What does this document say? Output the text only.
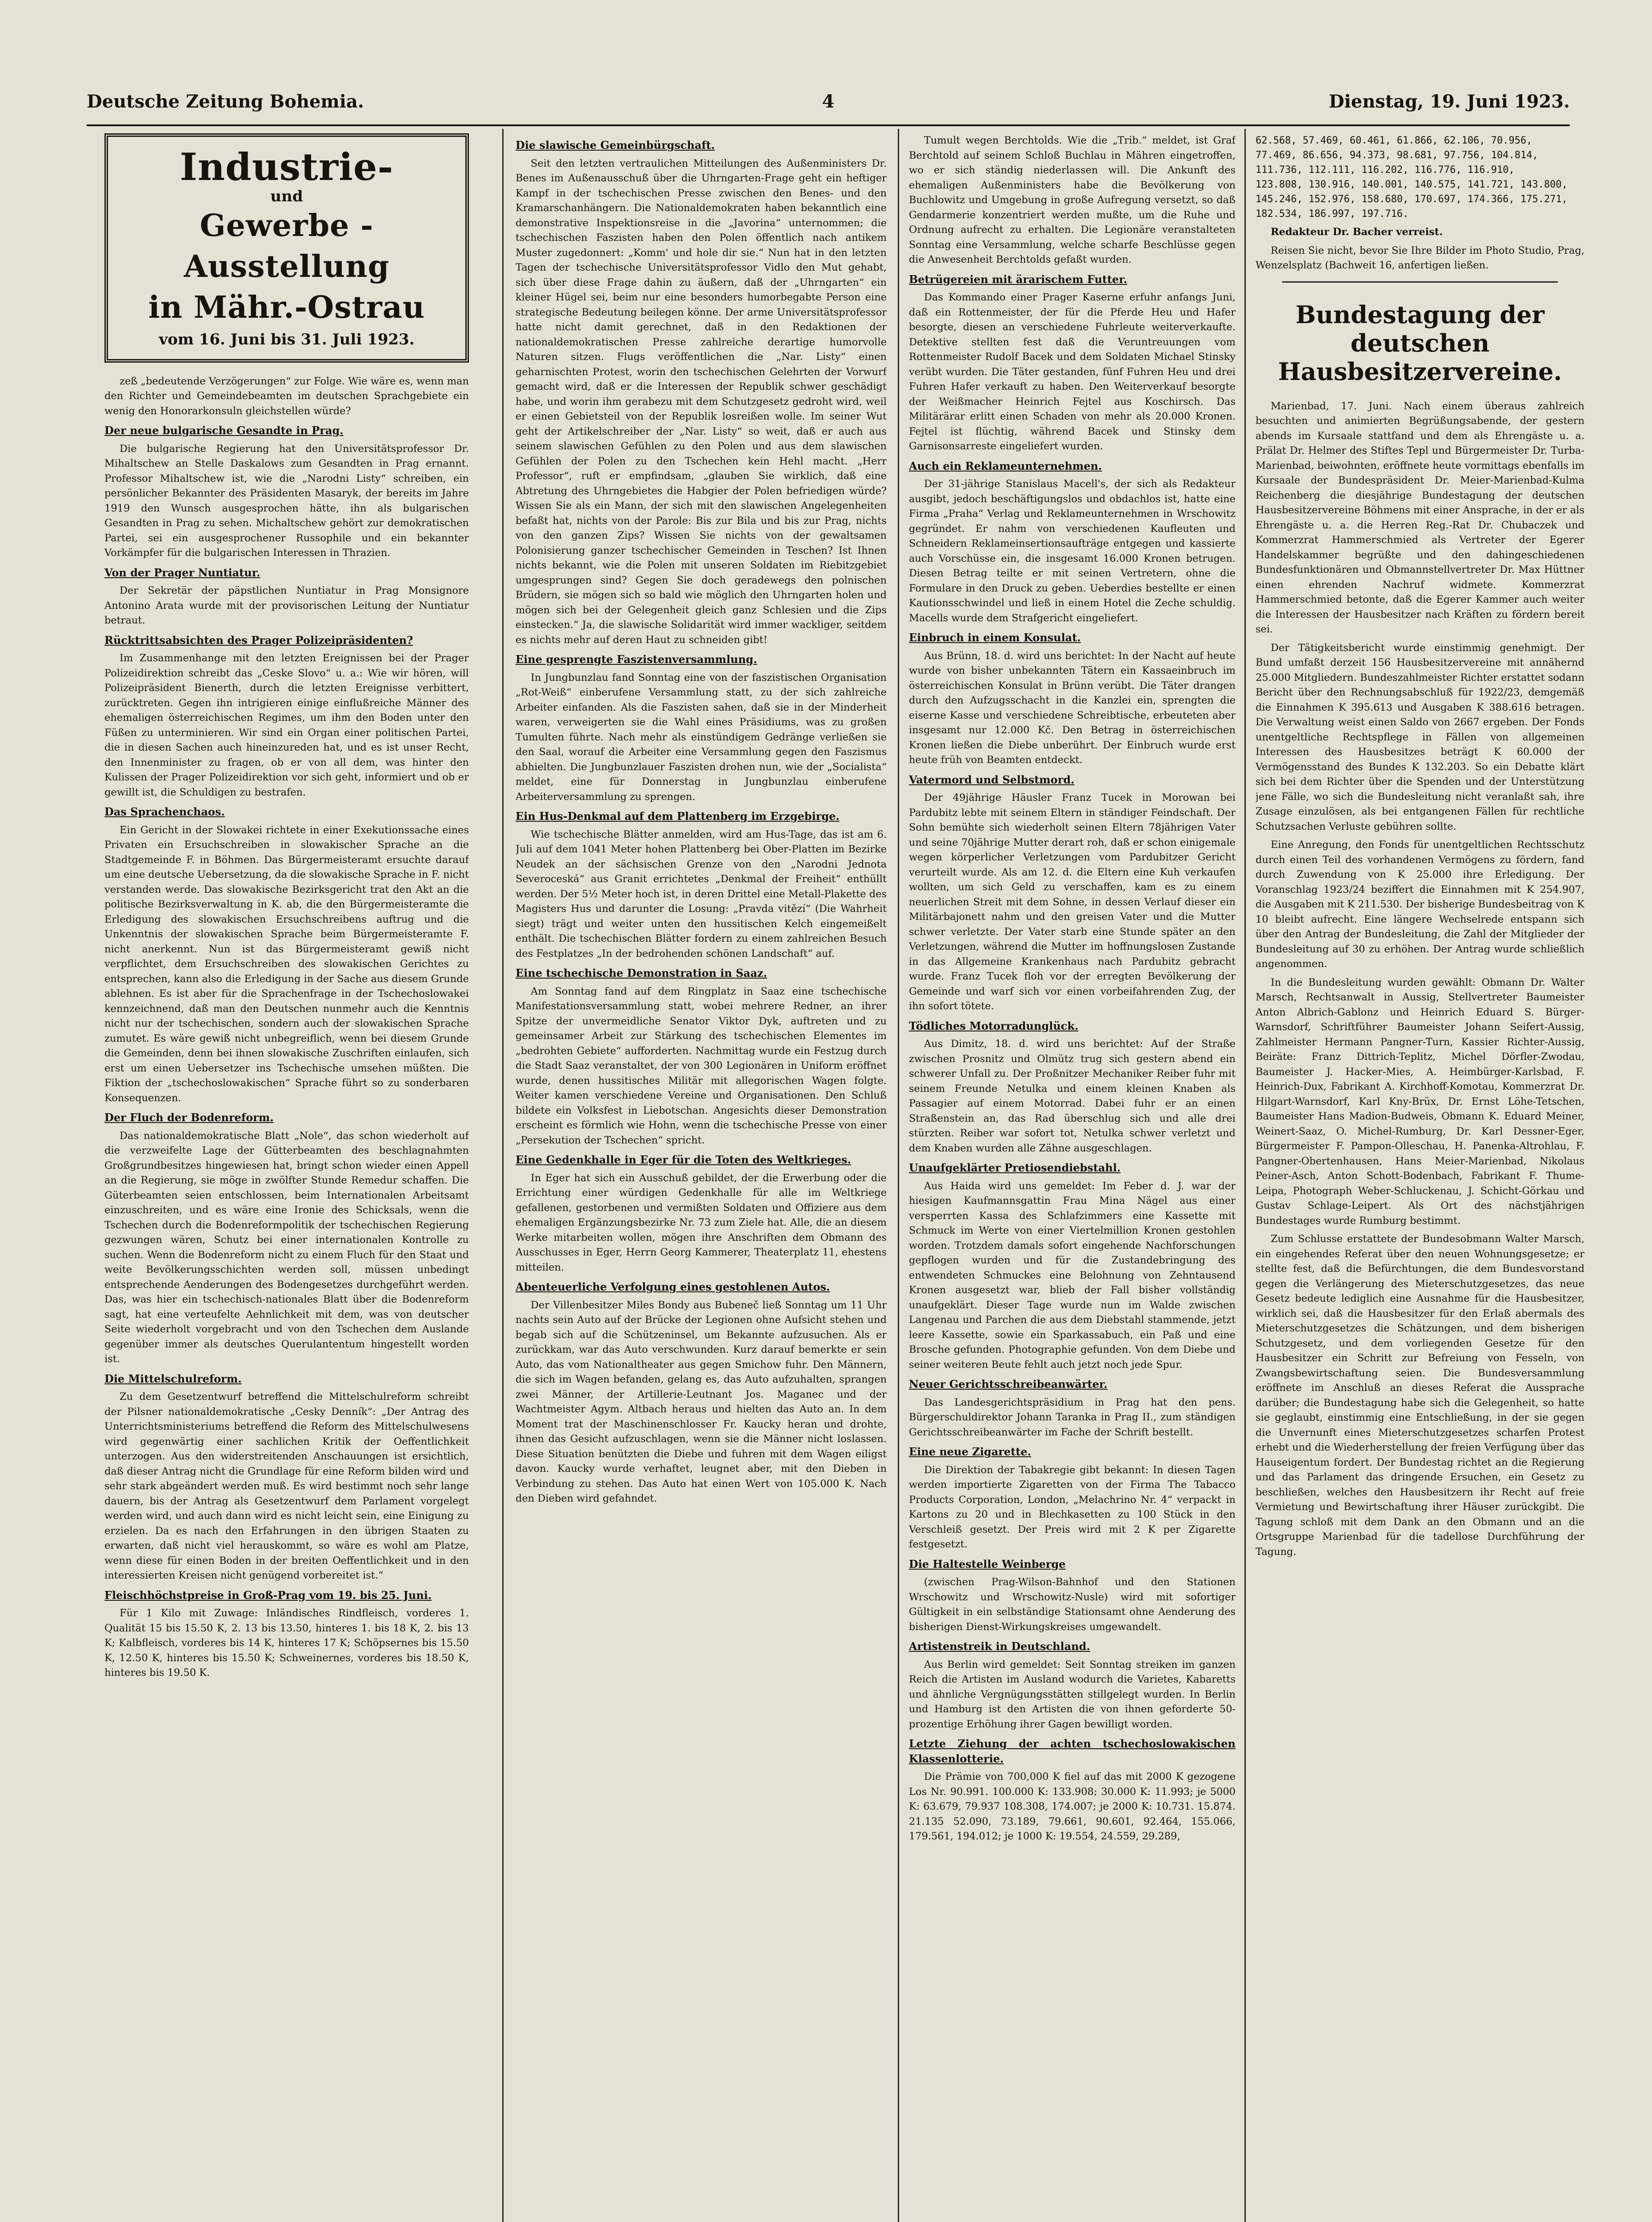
Deutsche Zeitung Bohemia.	4	Dienstag, 19. Juni 1923.
Industrie-
und
Gewerbe - Ausstellung
in Mähr.-Ostrau
vom 16. Juni bis 31. Juli 1923.

zeß „bedeutende Verzögerungen“ zur Folge. Wie wäre es, wenn man den Richter und Gemeindebeamten im deutschen Sprachgebiete ein wenig den Honorarkonsuln gleichstellen würde?

Der neue bulgarische Gesandte in Prag.

Die bulgarische Regierung hat den Universitätsprofessor Dr. Mihaltschew an Stelle Daskalows zum Gesandten in Prag ernannt. Professor Mihaltschew ist, wie die „Narodni Listy“ schreiben, ein persönlicher Bekannter des Präsidenten Masaryk, der bereits im Jahre 1919 den Wunsch ausgesprochen hätte, ihn als bulgarischen Gesandten in Prag zu sehen. Michaltschew gehört zur demokratischen Partei, sei ein ausgesprochener Russophile und ein bekannter Vorkämpfer für die bulgarischen Interessen in Thrazien.

Von der Prager Nuntiatur.

Der Sekretär der päpstlichen Nuntiatur in Prag Monsignore Antonino Arata wurde mit der provisorischen Leitung der Nuntiatur betraut.

Rücktrittsabsichten des Prager Polizeipräsidenten?

Im Zusammenhange mit den letzten Ereignissen bei der Prager Polizeidirektion schreibt das „Ceske Slovo“ u. a.: Wie wir hören, will Polizeipräsident Bienerth, durch die letzten Ereignisse verbittert, zurücktreten. Gegen ihn intrigieren einige einflußreiche Männer des ehemaligen österreichischen Regimes, um ihm den Boden unter den Füßen zu unterminieren. Wir sind ein Organ einer politischen Partei, die in diesen Sachen auch hineinzureden hat, und es ist unser Recht, den Innenminister zu fragen, ob er von all dem, was hinter den Kulissen der Prager Polizeidirektion vor sich geht, informiert und ob er gewillt ist, die Schuldigen zu bestrafen.

Das Sprachenchaos.

Ein Gericht in der Slowakei richtete in einer Exekutionssache eines Privaten ein Ersuchschreiben in slowakischer Sprache an die Stadtgemeinde F. in Böhmen. Das Bürgermeisteramt ersuchte darauf um eine deutsche Uebersetzung, da die slowakische Sprache in F. nicht verstanden werde. Das slowakische Bezirksgericht trat den Akt an die politische Bezirksverwaltung in K. ab, die den Bürgermeisteramte die Erledigung des slowakischen Ersuchschreibens auftrug und die Unkenntnis der slowakischen Sprache beim Bürgermeisteramte F. nicht anerkennt. Nun ist das Bürgermeisteramt gewiß nicht verpflichtet, dem Ersuchschreiben des slowakischen Gerichtes zu entsprechen, kann also die Erledigung in der Sache aus diesem Grunde ablehnen. Es ist aber für die Sprachenfrage in der Tschechoslowakei kennzeichnend, daß man den Deutschen nunmehr auch die Kenntnis nicht nur der tschechischen, sondern auch der slowakischen Sprache zumutet. Es wäre gewiß nicht unbegreiflich, wenn bei diesem Grunde die Gemeinden, denn bei ihnen slowakische Zuschriften einlaufen, sich erst um einen Uebersetzer ins Tschechische umsehen müßten. Die Fiktion der „tschechoslowakischen“ Sprache führt so zu sonderbaren Konsequenzen.

Der Fluch der Bodenreform.

Das nationaldemokratische Blatt „Nole“, das schon wiederholt auf die verzweifelte Lage der Gütterbeamten des beschlagnahmten Großgrundbesitzes hingewiesen hat, bringt schon wieder einen Appell an die Regierung, sie möge in zwölfter Stunde Remedur schaffen. Die Güterbeamten seien entschlossen, beim Internationalen Arbeitsamt einzuschreiten, und es wäre eine Ironie des Schicksals, wenn die Tschechen durch die Bodenreformpolitik der tschechischen Regierung gezwungen wären, Schutz bei einer internationalen Kontrolle zu suchen. Wenn die Bodenreform nicht zu einem Fluch für den Staat und weite Bevölkerungsschichten werden soll, müssen unbedingt entsprechende Aenderungen des Bodengesetzes durchgeführt werden. Das, was hier ein tschechisch-nationales Blatt über die Bodenreform sagt, hat eine verteufelte Aehnlichkeit mit dem, was von deutscher Seite wiederholt vorgebracht und von den Tschechen dem Auslande gegenüber immer als deutsches Querulantentum hingestellt worden ist.

Die Mittelschulreform.

Zu dem Gesetzentwurf betreffend die Mittelschulreform schreibt der Pilsner nationaldemokratische „Cesky Denník“: „Der Antrag des Unterrichtsministeriums betreffend die Reform des Mittelschulwesens wird gegenwärtig einer sachlichen Kritik der Oeffentlichkeit unterzogen. Aus den widerstreitenden Anschauungen ist ersichtlich, daß dieser Antrag nicht die Grundlage für eine Reform bilden wird und sehr stark abgeändert werden muß. Es wird bestimmt noch sehr lange dauern, bis der Antrag als Gesetzentwurf dem Parlament vorgelegt werden wird, und auch dann wird es nicht leicht sein, eine Einigung zu erzielen. Da es nach den Erfahrungen in den übrigen Staaten zu erwarten, daß nicht viel herauskommt, so wäre es wohl am Platze, wenn diese für einen Boden in der breiten Oeffentlichkeit und in den interessierten Kreisen nicht genügend vorbereitet ist.“

Fleischhöchstpreise in Groß-Prag vom 19. bis 25. Juni.

Für 1 Kilo mit Zuwage: Inländisches Rindfleisch, vorderes 1. Qualität 15 bis 15.50 K, 2. 13 bis 13.50, hinteres 1. bis 18 K, 2. bis 13 K; Kalbfleisch, vorderes bis 14 K, hinteres 17 K; Schöpsernes bis 15.50 K, 12.50 K, hinteres bis 15.50 K; Schweinernes, vorderes bis 18.50 K, hinteres bis 19.50 K.

Die slawische Gemeinbürgschaft.

Seit den letzten vertraulichen Mitteilungen des Außenministers Dr. Benes im Außenausschuß über die Uhrngarten-Frage geht ein heftiger Kampf in der tschechischen Presse zwischen den Benes- und den Kramarschanhängern. Die Nationaldemokraten haben bekanntlich eine demonstrative Inspektionsreise in die „Javorina“ unternommen; die tschechischen Faszisten haben den Polen öffentlich nach antikem Muster zugedonnert: „Komm' und hole dir sie.“ Nun hat in den letzten Tagen der tschechische Universitätsprofessor Vidlo den Mut gehabt, sich über diese Frage dahin zu äußern, daß der „Uhrngarten“ ein kleiner Hügel sei, beim nur eine besonders humorbegabte Person eine strategische Bedeutung beilegen könne. Der arme Universitätsprofessor hatte nicht damit gerechnet, daß in den Redaktionen der nationaldemokratischen Presse zahlreiche derartige humorvolle Naturen sitzen. Flugs veröffentlichen die „Nar. Listy“ einen geharnischten Protest, worin den tschechischen Gelehrten der Vorwurf gemacht wird, daß er die Interessen der Republik schwer geschädigt habe, und worin ihm gerabezu mit dem Schutzgesetz gedroht wird, weil er einen Gebietsteil von der Republik losreißen wolle. Im seiner Wut geht der Artikelschreiber der „Nar. Listy“ so weit, daß er auch aus seinem slawischen Gefühlen zu den Polen und aus dem slawischen Gefühlen der Polen zu den Tschechen kein Hehl macht. „Herr Professor“, ruft er empfindsam, „glauben Sie wirklich, daß eine Abtretung des Uhrngebietes die Habgier der Polen befriedigen würde? Wissen Sie als ein Mann, der sich mit den slawischen Angelegenheiten befaßt hat, nichts von der Parole: Bis zur Bila und bis zur Prag, nichts von den ganzen Zips? Wissen Sie nichts von der gewaltsamen Polonisierung ganzer tschechischer Gemeinden in Teschen? Ist Ihnen nichts bekannt, wie die Polen mit unseren Soldaten im Riebitzgebiet umgesprungen sind? Gegen Sie doch geradewegs den polnischen Brüdern, sie mögen sich so bald wie möglich den Uhrngarten holen und mögen sich bei der Gelegenheit gleich ganz Schlesien und die Zips einstecken.“ Ja, die slawische Solidarität wird immer wackliger, seitdem es nichts mehr auf deren Haut zu schneiden gibt!

Eine gesprengte Faszistenversammlung.

In Jungbunzlau fand Sonntag eine von der faszistischen Organisation „Rot-Weiß“ einberufene Versammlung statt, zu der sich zahlreiche Arbeiter einfanden. Als die Faszisten sahen, daß sie in der Minderheit waren, verweigerten sie die Wahl eines Präsidiums, was zu großen Tumulten führte. Nach mehr als einstündigem Gedränge verließen sie den Saal, worauf die Arbeiter eine Versammlung gegen den Faszismus abhielten. Die Jungbunzlauer Faszisten drohen nun, wie der „Socialista“ meldet, eine für Donnerstag in Jungbunzlau einberufene Arbeiterversammlung zu sprengen.

Ein Hus-Denkmal auf dem Plattenberg im Erzgebirge.

Wie tschechische Blätter anmelden, wird am Hus-Tage, das ist am 6. Juli auf dem 1041 Meter hohen Plattenberg bei Ober-Platten im Bezirke Neudek an der sächsischen Grenze von den „Narodni Jednota Severoceská“ aus Granit errichtetes „Denkmal der Freiheit“ enthüllt werden. Der 5½ Meter hoch ist, in deren Drittel eine Metall-Plakette des Magisters Hus und darunter die Losung: „Pravda vitězí“ (Die Wahrheit siegt) trägt und weiter unten den hussitischen Kelch eingemeißelt enthält. Die tschechischen Blätter fordern zu einem zahlreichen Besuch des Festplatzes „In der bedrohenden schönen Landschaft“ auf.

Eine tschechische Demonstration in Saaz.

Am Sonntag fand auf dem Ringplatz in Saaz eine tschechische Manifestationsversammlung statt, wobei mehrere Redner, an ihrer Spitze der unvermeidliche Senator Viktor Dyk, auftreten und zu gemeinsamer Arbeit zur Stärkung des tschechischen Elementes im „bedrohten Gebiete“ aufforderten. Nachmittag wurde ein Festzug durch die Stadt Saaz veranstaltet, der von 300 Legionären in Uniform eröffnet wurde, denen hussitisches Militär mit allegorischen Wagen folgte. Weiter kamen verschiedene Vereine und Organisationen. Den Schluß bildete ein Volksfest in Liebotschan. Angesichts dieser Demonstration erscheint es förmlich wie Hohn, wenn die tschechische Presse von einer „Persekution der Tschechen“ spricht.

Eine Gedenkhalle in Eger für die Toten des Weltkrieges.

In Eger hat sich ein Ausschuß gebildet, der die Erwerbung oder die Errichtung einer würdigen Gedenkhalle für alle im Weltkriege gefallenen, gestorbenen und vermißten Soldaten und Offiziere aus dem ehemaligen Ergänzungsbezirke Nr. 73 zum Ziele hat. Alle, die an diesem Werke mitarbeiten wollen, mögen ihre Anschriften dem Obmann des Ausschusses in Eger, Herrn Georg Kammerer, Theaterplatz 11, ehestens mitteilen.

Abenteuerliche Verfolgung eines gestohlenen Autos.

Der Villenbesitzer Miles Bondy aus Bubeneč ließ Sonntag um 11 Uhr nachts sein Auto auf der Brücke der Legionen ohne Aufsicht stehen und begab sich auf die Schützeninsel, um Bekannte aufzusuchen. Als er zurückkam, war das Auto verschwunden. Kurz darauf bemerkte er sein Auto, das vom Nationaltheater aus gegen Smichow fuhr. Den Männern, die sich im Wagen befanden, gelang es, das Auto aufzuhalten, sprangen zwei Männer, der Artillerie-Leutnant Jos. Maganec und der Wachtmeister Agym. Altbach heraus und hielten das Auto an. In dem Moment trat der Maschinenschlosser Fr. Kaucky heran und drohte, ihnen das Gesicht aufzuschlagen, wenn sie die Männer nicht loslassen. Diese Situation benützten die Diebe und fuhren mit dem Wagen eiligst davon. Kaucky wurde verhaftet, leugnet aber, mit den Dieben in Verbindung zu stehen. Das Auto hat einen Wert von 105.000 K. Nach den Dieben wird gefahndet.

Tumult wegen Berchtolds. Wie die „Trib.“ meldet, ist Graf Berchtold auf seinem Schloß Buchlau in Mähren eingetroffen, wo er sich ständig niederlassen will. Die Ankunft des ehemaligen Außenministers habe die Bevölkerung von Buchlowitz und Umgebung in große Aufregung versetzt, so daß Gendarmerie konzentriert werden mußte, um die Ruhe und Ordnung aufrecht zu erhalten. Die Legionäre veranstalteten Sonntag eine Versammlung, welche scharfe Beschlüsse gegen die Anwesenheit Berchtolds gefaßt wurden.

Betrügereien mit ärarischem Futter.

Das Kommando einer Prager Kaserne erfuhr anfangs Juni, daß ein Rottenmeister, der für die Pferde Heu und Hafer besorgte, diesen an verschiedene Fuhrleute weiterverkaufte. Detektive stellten fest daß die Veruntreuungen vom Rottenmeister Rudolf Bacek und dem Soldaten Michael Stinsky verübt wurden. Die Täter gestanden, fünf Fuhren Heu und drei Fuhren Hafer verkauft zu haben. Den Weiterverkauf besorgte der Weißmacher Heinrich Fejtel aus Koschirsch. Das Militärärar erlitt einen Schaden von mehr als 20.000 Kronen. Fejtel ist flüchtig, während Bacek und Stinsky dem Garnisonsarreste eingeliefert wurden.

Auch ein Reklameunternehmen.

Der 31-jährige Stanislaus Macell's, der sich als Redakteur ausgibt, jedoch beschäftigungslos und obdachlos ist, hatte eine Firma „Praha“ Verlag und Reklameunternehmen in Wrschowitz gegründet. Er nahm von verschiedenen Kaufleuten und Schneidern Reklameinsertionsaufträge entgegen und kassierte auch Vorschüsse ein, die insgesamt 16.000 Kronen betrugen. Diesen Betrag teilte er mit seinen Vertretern, ohne die Formulare in den Druck zu geben. Ueberdies bestellte er einen Kautionsschwindel und ließ in einem Hotel die Zeche schuldig. Macells wurde dem Strafgericht eingeliefert.

Einbruch in einem Konsulat.

Aus Brünn, 18. d. wird uns berichtet: In der Nacht auf heute wurde von bisher unbekannten Tätern ein Kassaeinbruch im österreichischen Konsulat in Brünn verübt. Die Täter drangen durch den Aufzugsschacht in die Kanzlei ein, sprengten die eiserne Kasse und verschiedene Schreibtische, erbeuteten aber insgesamt nur 12.000 Kč. Den Betrag in österreichischen Kronen ließen die Diebe unberührt. Der Einbruch wurde erst heute früh von Beamten entdeckt.

Vatermord und Selbstmord.

Der 49jährige Häusler Franz Tucek in Morowan bei Pardubitz lebte mit seinem Eltern in ständiger Feindschaft. Der Sohn bemühte sich wiederholt seinen Eltern 78jährigen Vater und seine 70jährige Mutter derart roh, daß er schon einigemale wegen körperlicher Verletzungen vom Pardubitzer Gericht verurteilt wurde. Als am 12. d. die Eltern eine Kuh verkaufen wollten, um sich Geld zu verschaffen, kam es zu einem neuerlichen Streit mit dem Sohne, in dessen Verlauf dieser ein Militärbajonett nahm und den greisen Vater und die Mutter schwer verletzte. Der Vater starb eine Stunde später an den Verletzungen, während die Mutter im hoffnungslosen Zustande in das Allgemeine Krankenhaus nach Pardubitz gebracht wurde. Franz Tucek floh vor der erregten Bevölkerung der Gemeinde und warf sich vor einen vorbeifahrenden Zug, der ihn sofort tötete.

Tödliches Motorradunglück.

Aus Dimitz, 18. d. wird uns berichtet: Auf der Straße zwischen Prosnitz und Olmütz trug sich gestern abend ein schwerer Unfall zu. Der Proßnitzer Mechaniker Reiber fuhr mit seinem Freunde Netulka und einem kleinen Knaben als Passagier auf einem Motorrad. Dabei fuhr er an einen Straßenstein an, das Rad überschlug sich und alle drei stürzten. Reiber war sofort tot, Netulka schwer verletzt und dem Knaben wurden alle Zähne ausgeschlagen.

Unaufgeklärter Pretiosendiebstahl.

Aus Haida wird uns gemeldet: Im Feber d. J. war der hiesigen Kaufmannsgattin Frau Mina Nägel aus einer versperrten Kassa des Schlafzimmers eine Kassette mit Schmuck im Werte von einer Viertelmillion Kronen gestohlen worden. Trotzdem damals sofort eingehende Nachforschungen gepflogen wurden und für die Zustandebringung des entwendeten Schmuckes eine Belohnung von Zehntausend Kronen ausgesetzt war, blieb der Fall bisher vollständig unaufgeklärt. Dieser Tage wurde nun im Walde zwischen Langenau und Parchen die aus dem Diebstahl stammende, jetzt leere Kassette, sowie ein Sparkassabuch, ein Paß und eine Brosche gefunden. Photographie gefunden. Von dem Diebe und seiner weiteren Beute fehlt auch jetzt noch jede Spur.

Neuer Gerichtsschreibeanwärter.

Das Landesgerichtspräsidium in Prag hat den pens. Bürgerschuldirektor Johann Taranka in Prag II., zum ständigen Gerichtsschreibeanwärter im Fache der Schrift bestellt.

Eine neue Zigarette.

Die Direktion der Tabakregie gibt bekannt: In diesen Tagen werden importierte Zigaretten von der Firma The Tabacco Products Corporation, London, „Melachrino Nr. 4“ verpackt in Kartons zu 20 und in Blechkasetten zu 100 Stück in den Verschleiß gesetzt. Der Preis wird mit 2 K per Zigarette festgesetzt.

Die Haltestelle Weinberge

(zwischen Prag-Wilson-Bahnhof und den Stationen Wrschowitz und Wrschowitz-Nusle) wird mit sofortiger Gültigkeit in ein selbständige Stationsamt ohne Aenderung des bisherigen Dienst-Wirkungskreises umgewandelt.

Artistenstreik in Deutschland.

Aus Berlin wird gemeldet: Seit Sonntag streiken im ganzen Reich die Artisten im Ausland wodurch die Varietes, Kabaretts und ähnliche Vergnügungsstätten stillgelegt wurden. In Berlin und Hamburg ist den Artisten die von ihnen geforderte 50-prozentige Erhöhung ihrer Gagen bewilligt worden.

Letzte Ziehung der achten tschechoslowakischen Klassenlotterie.

Die Prämie von 700,000 K fiel auf das mit 2000 K gezogene Los Nr. 90.991. 100.000 K: 133.908; 30.000 K: 11.993; je 5000 K: 63.679, 79.937 108.308, 174.007; je 2000 K: 10.731. 15.874. 21.135 52.090, 73.189, 79.661, 90.601, 92.464, 155.066, 179.561, 194.012; je 1000 K: 19.554, 24.559, 29.289,

62.568, 57.469, 60.461, 61.866, 62.106, 70.956,
77.469, 86.656, 94.373, 98.681, 97.756, 104.814,
111.736, 112.111, 116.202, 116.776, 116.910,
123.808, 130.916, 140.001, 140.575, 141.721, 143.800,
145.246, 152.976, 158.680, 170.697, 174.366, 175.271,
182.534, 186.997, 197.716.

Redakteur Dr. Bacher verreist.

Reisen Sie nicht, bevor Sie Ihre Bilder im Photo Studio, Prag, Wenzelsplatz (Bachweit 16, anfertigen ließen.

Bundestagung der deutschen
Hausbesitzervereine.

Marienbad, 17. Juni. Nach einem überaus zahlreich besuchten und animierten Begrüßungsabende, der gestern abends im Kursaale stattfand und dem als Ehrengäste u. a. Prälat Dr. Helmer des Stiftes Tepl und Bürgermeister Dr. Turba-Marienbad, beiwohnten, eröffnete heute vormittags ebenfalls im Kursaale der Bundespräsident Dr. Meier-Marienbad-Kulma Reichenberg die diesjährige Bundestagung der deutschen Hausbesitzervereine Böhmens mit einer Ansprache, in der er als Ehrengäste u. a. die Herren Reg.-Rat Dr. Chubaczek und Kommerzrat Hammerschmied als Vertreter der Egerer Handelskammer begrüßte und den dahingeschiedenen Bundesfunktionären und Obmannstellvertreter Dr. Max Hüttner einen ehrenden Nachruf widmete. Kommerzrat Hammerschmied betonte, daß die Egerer Kammer auch weiter die Interessen der Hausbesitzer nach Kräften zu fördern bereit sei.

Der Tätigkeitsbericht wurde einstimmig genehmigt. Der Bund umfaßt derzeit 156 Hausbesitzervereine mit annähernd 25.000 Mitgliedern. Bundeszahlmeister Richter erstattet sodann Bericht über den Rechnungsabschluß für 1922/23, demgemäß die Einnahmen K 395.613 und Ausgaben K 388.616 betragen. Die Verwaltung weist einen Saldo von 2667 ergeben. Der Fonds unentgeltliche Rechtspflege in Fällen von allgemeinen Interessen des Hausbesitzes beträgt K 60.000 der Vermögensstand des Bundes K 132.203. So ein Debatte klärt sich bei dem Richter über die Spenden und der Unterstützung jene Fälle, wo sich die Bundesleitung nicht veranlaßt sah, ihre Zusage einzulösen, als bei entgangenen Fällen für rechtliche Schutzsachen Verluste gebühren sollte.

Eine Anregung, den Fonds für unentgeltlichen Rechtsschutz durch einen Teil des vorhandenen Vermögens zu fördern, fand durch Zuwendung von K 25.000 ihre Erledigung. Der Voranschlag 1923/24 beziffert die Einnahmen mit K 254.907, die Ausgaben mit K 211.530. Der bisherige Bundesbeitrag von K 10 bleibt aufrecht. Eine längere Wechselrede entspann sich über den Antrag der Bundesleitung, die Zahl der Mitglieder der Bundesleitung auf 30 zu erhöhen. Der Antrag wurde schließlich angenommen.

In die Bundesleitung wurden gewählt: Obmann Dr. Walter Marsch, Rechtsanwalt in Aussig, Stellvertreter Baumeister Anton Albrich-Gablonz und Heinrich Eduard S. Bürger-Warnsdorf, Schriftführer Baumeister Johann Seifert-Aussig, Zahlmeister Hermann Pangner-Turn, Kassier Richter-Aussig, Beiräte: Franz Dittrich-Teplitz, Michel Dörfler-Zwodau, Baumeister J. Hacker-Mies, A. Heimbürger-Karlsbad, F. Heinrich-Dux, Fabrikant A. Kirchhoff-Komotau, Kommerzrat Dr. Hilgart-Warnsdorf, Karl Kny-Brüx, Dr. Ernst Löhe-Tetschen, Baumeister Hans Madion-Budweis, Obmann K. Eduard Meiner, Weinert-Saaz, O. Michel-Rumburg, Dr. Karl Dessner-Eger, Bürgermeister F. Pampon-Olleschau, H. Panenka-Altrohlau, F. Pangner-Obertenhausen, Hans Meier-Marienbad, Nikolaus Peiner-Asch, Anton Schott-Bodenbach, Fabrikant F. Thume-Leipa, Photograph Weber-Schluckenau, J. Schicht-Görkau und Gustav Schlage-Leipert. Als Ort des nächstjährigen Bundestages wurde Rumburg bestimmt.

Zum Schlusse erstattete der Bundesobmann Walter Marsch, ein eingehendes Referat über den neuen Wohnungsgesetze; er stellte fest, daß die Befürchtungen, die dem Bundesvorstand gegen die Verlängerung des Mieterschutzgesetzes, das neue Gesetz bedeute lediglich eine Ausnahme für die Hausbesitzer, wirklich sei, daß die Hausbesitzer für den Erlaß abermals des Mieterschutzgesetzes die Schätzungen, und dem bisherigen Schutzgesetz, und dem vorliegenden Gesetze für den Hausbesitzer ein Schritt zur Befreiung von Fesseln, von Zwangsbewirtschaftung seien. Die Bundesversammlung eröffnete im Anschluß an dieses Referat die Aussprache darüber; die Bundestagung habe sich die Gelegenheit, so hatte sie geglaubt, einstimmig eine Entschließung, in der sie gegen die Unvernunft eines Mieterschutzgesetzes scharfen Protest erhebt und die Wiederherstellung der freien Verfügung über das Hauseigentum fordert. Der Bundestag richtet an die Regierung und das Parlament das dringende Ersuchen, ein Gesetz zu beschließen, welches den Hausbesitzern ihr Recht auf freie Vermietung und Bewirtschaftung ihrer Häuser zurückgibt. Die Tagung schloß mit dem Dank an den Obmann und an die Ortsgruppe Marienbad für die tadellose Durchführung der Tagung.
